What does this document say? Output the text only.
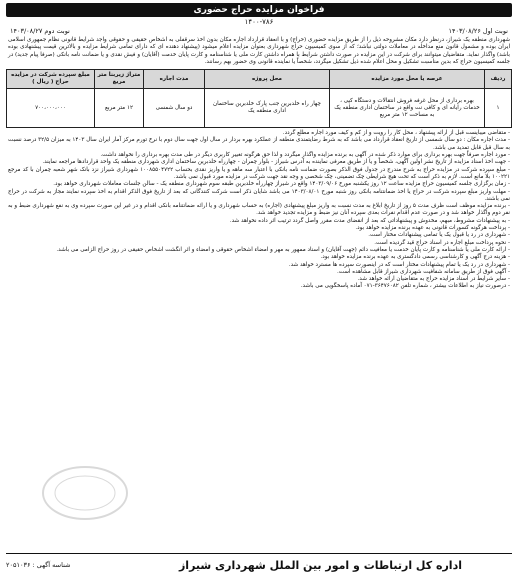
فراخوان مزایده حراج حضوری
۱۴۰۰-۷۸۶
نوبت اول ۱۴۰۳/۰۸/۲۶
نوبت دوم ۱۴۰۳/۰۸/۲۷

شهرداری منطقه یک شیراز، درنظر دارد مکان مشروحه ذیل را از طریق مزایده حضوری (حراج) و با انعقاد قرارداد اجاره مکان بدون اخذ سرقفلی به اشخاص حقیقی و حقوقی واجد شرایط قانونی نظام جمهوری اسلامی ایران بوده و مشمول قانون منع مداخله در معاملات دولتی نباشد؛ که از سوی کمیسیون حراج شهرداری بعنوان مزایده اعلام میشود (پیشنهاد دهنده ای که دارای تمامی شرایط مزایده و بالاترین قیمت پیشنهادی بوده باشد) واگذار نماید. متقاضیان میتوانند برای شرکت در این مزایده در صورت داشتن شرایط با همراه داشتن کارت ملی یا شناسنامه و کارت پایان خدمت (آقایان) و فیش نقدی و یا ضمانت نامه بانکی (صرفا پیام جدید) در جلسه کمیسیون حراج که بدین مناسبت تشکیل و محل اعلام شده ذیل تشکیل میگردد، شخصاً یا نماینده قانونی وی حضور بهم رسانند.

ردیف	عرصه یا محل مورد مزایده	محل پروژه	مدت اجاره	متراژ زیربنا متر مربع	مبلغ سپرده شرکت در مزایده حراج ( ریال )
۱	بهره برداری از محل غرفه فروش انتقالات و دستگاه کپی ، خدمات رایانه ای و کافی نت واقع در ساختمان اداری منطقه یک به مساحت ۱۲ متر مربع	چهار راه خلدبرین جنب پارک خلدبرین ساختمان اداری منطقه یک	دو سال شمسی	۱۲ متر مربع	۷۰۰،۰۰۰،۰۰۰

- متقاضی میبایست قبل از ارائه پیشنهاد ، محل کار را رویت و از کم و کیف مورد اجاره مطلع گردد.

- مدت اجاره مکان : دو سال شمسی از تاریخ انعقاد قرارداد می باشد که به شرط رضایتمندی منطقه از عملکرد بهره بردار در سال اول جهت سال دوم با نرخ تورم مرکز آمار ایران سال ۱۴۰۳ به میزان ۳۲/۵ درصد نسبت به سال قبل قابل تمدید می باشد.

- مورد اجاره صرفاً جهت بهره برداری برای موارد ذکر شده در آگهی به برنده مزایده واگذار میگردد و لذا حق هرگونه تغییر کاربری دیگر در طی مدت بهره برداری را نخواهد داشت.

- جهت اخذ اسناد مزایده از تاریخ نشر اولین آگهی، شخصاً و یا از طریق معرفی نماینده به آدرس شیراز - بلوار چمران - چهارراه خلدبرین ساختمان اداری شهرداری منطقه یک واحد قراردادها مراجعه نمایند.

- مبلغ سپرده شرکت در مزایده حراج به شرح مندرج در جدول فوق الذکر بصورت ضمانت نامه بانکی با اعتبار سه ماهه و یا واریز نقدی بحساب ۱۰۰۸۵۵۰۴۷۲۲ شهرداری شیراز نزد بانک شهر شعبه چمران با کد مرجع ۱۰۰۲۲۱ بلا مانع است. لازم به ذکر است که تحت هیچ شرایطی چک تضمینی، چک شخصی و وجه نقد جهت شرکت در مزایده مورد قبول نمی باشد.

- زمان برگزاری جلسه کمیسیون حراج مزایده ساعت ۱۲ روز یکشنبه مورخ ۱۴۰۳/۰۹/۰۶ واقع در شیراز چهارراه خلدبرین طبقه سوم شهرداری منطقه یک - سالن جلسات معاملات شهرداری خواهد بود.

- مهلت واریز مبلغ سپرده شرکت در حراج یا اخذ ضمانتنامه بانکی روز شنبه مورخ ۱۴۰۳/۰۸/۰۱ می باشد شایان ذکر است شرکت کنندگانی که بعد از تاریخ فوق الذکر اقدام به اخذ سپرده نمایند مجاز به شرکت در حراج نمی باشند.

- برنده مزایده موظف است ظرف مدت ۵ روز از تاریخ ابلاغ به مدت نسبت به واریز مبلغ پیشنهادی (اجاره) به حساب شهرداری و یا ارائه ضمانتنامه بانکی اقدام و در غیر این صورت سپرده وی به نفع شهرداری ضبط و به نفر دوم واگذار خواهد شد و در صورت عدم اقدام نفرات بعدی سپرده آنان نیز ضبط و مزایده تجدید خواهد شد.

- به پیشنهادات مشروط، مبهم، مخدوش و پیشنهاداتی که بعد از انقضای مدت مقرر واصل گردد ترتیب اثر داده نخواهد شد.

- پرداخت هرگونه کسورات قانونی به عهده برنده مزایده خواهد بود.

- شهرداری در رد یا قبول یک یا تمامی پیشنهادات مختار است.

- نحوه پرداخت مبلغ اجاره در اسناد حراج قید گردیده است.

- ارائه کارت ملی یا شناسنامه و کارت پایان خدمت یا معافیت دائم (جهت آقایان) و اسناد ممهور به مهر و امضاء اشخاص حقوقی و امضاء و اثر انگشت اشخاص حقیقی در روز حراج الزامی می باشد.

- هزینه درج آگهی و کارشناسی رسمی دادگستری به عهده برنده مزایده خواهد بود.

- شهرداری در رد یک یا تمام پیشنهادات مختار است که در اینصورت سپرده ها مسترد خواهد شد.

- آگهی فوق از طریق سامانه شفافیت شهرداری شیراز قابل مشاهده است.

- سایر شرایط در اسناد مزایده حراج به متقاضیان ارائه خواهد شد.

- درصورت نیاز به اطلاعات بیشتر ، شماره تلفن ۳۶۴۷۶۰۸۲-۰۷۱ آماده پاسخگویی می باشد.

اداره کل ارتباطات و امور بین الملل شهرداری شیراز
شناسه آگهی : ۲۰۵۱۰۳۶
